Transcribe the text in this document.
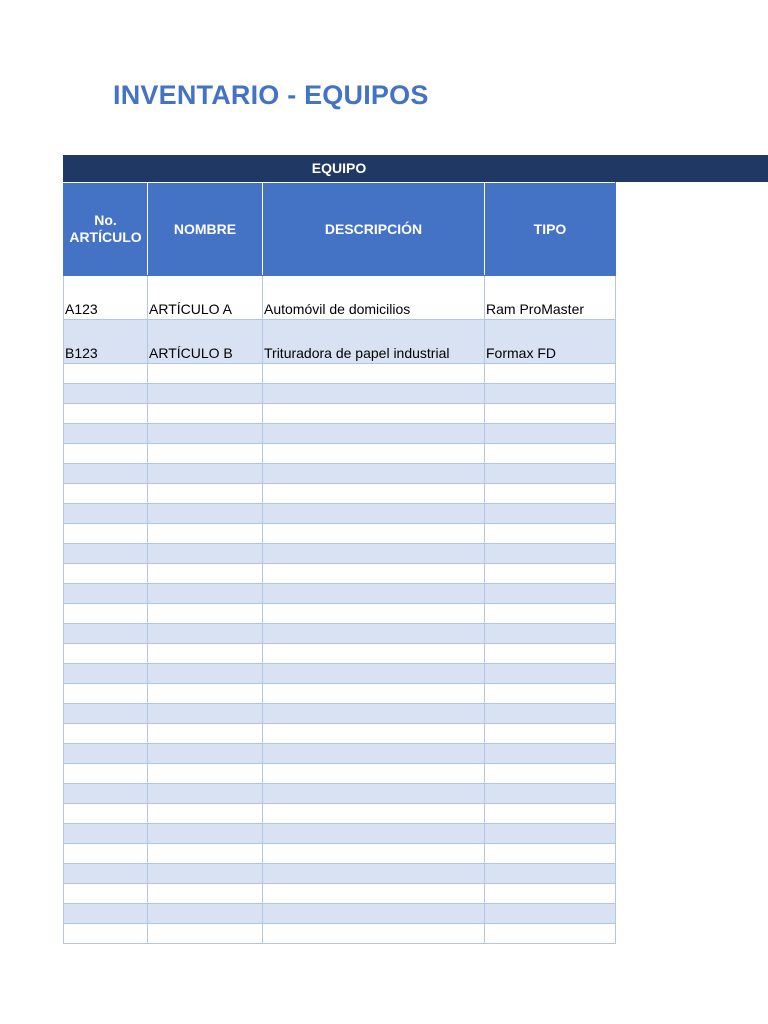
INVENTARIO - EQUIPOS
EQUIPO
No. ARTÍCULO	NOMBRE	DESCRIPCIÓN	TIPO
A123	ARTÍCULO A	Automóvil de domicilios	Ram ProMaster
B123	ARTÍCULO B	Trituradora de papel industrial	Formax FD
